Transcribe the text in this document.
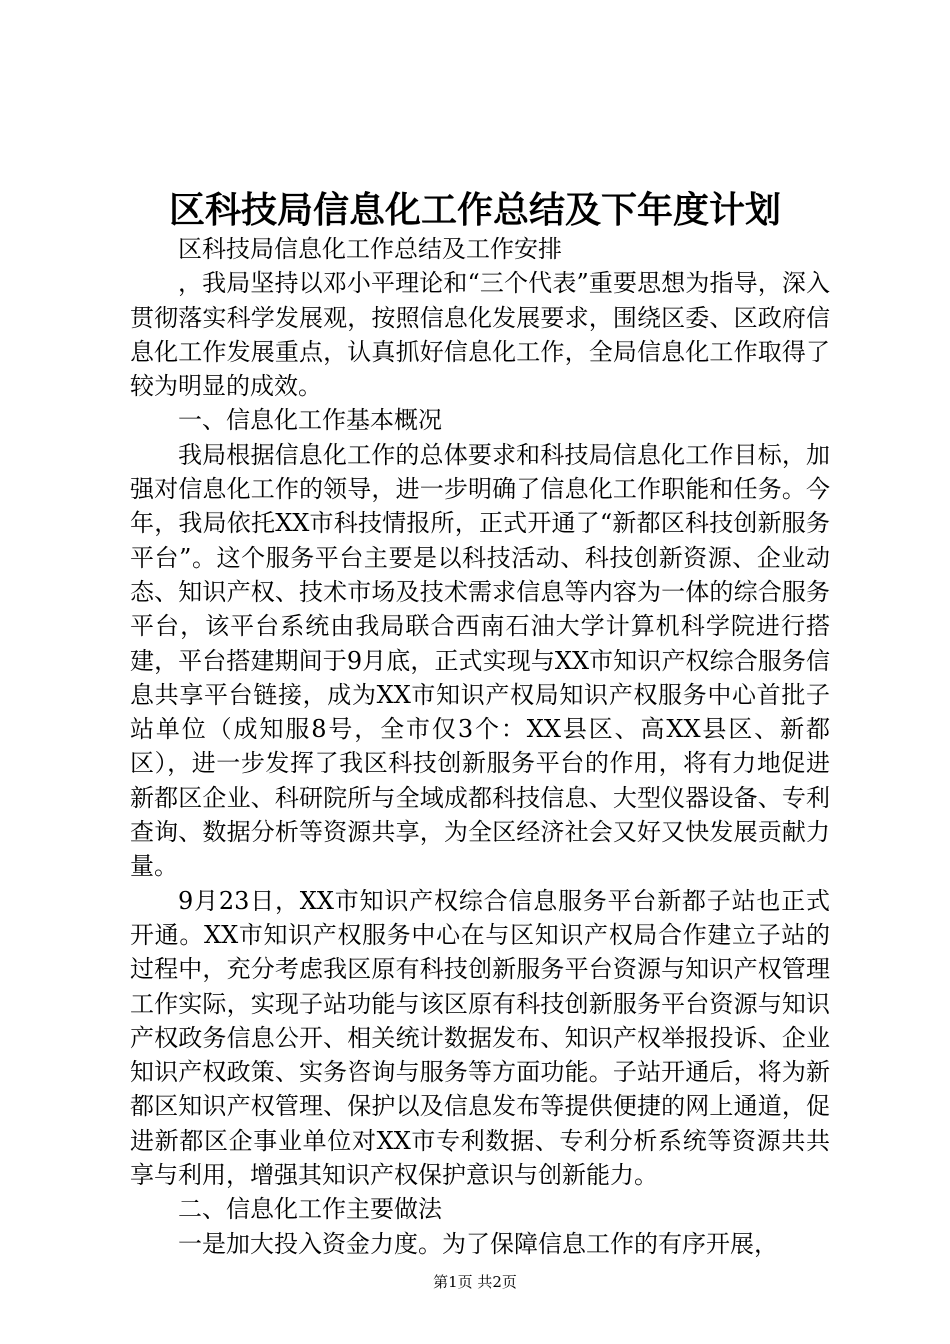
区科技局信息化工作总结及下年度计划

区科技局信息化工作总结及工作安排

，我局坚持以邓小平理论和“三个代表”重要思想为指导，深入贯彻落实科学发展观，按照信息化发展要求，围绕区委、区政府信息化工作发展重点，认真抓好信息化工作，全局信息化工作取得了较为明显的成效。

一、信息化工作基本概况

我局根据信息化工作的总体要求和科技局信息化工作目标，加强对信息化工作的领导，进一步明确了信息化工作职能和任务。今年，我局依托XX市科技情报所，正式开通了“新都区科技创新服务平台”。这个服务平台主要是以科技活动、科技创新资源、企业动态、知识产权、技术市场及技术需求信息等内容为一体的综合服务平台，该平台系统由我局联合西南石油大学计算机科学院进行搭建，平台搭建期间于9月底，正式实现与XX市知识产权综合服务信息共享平台链接，成为XX市知识产权局知识产权服务中心首批子站单位（成知服8号，全市仅3个：XX县区、高XX县区、新都区），进一步发挥了我区科技创新服务平台的作用，将有力地促进新都区企业、科研院所与全域成都科技信息、大型仪器设备、专利查询、数据分析等资源共享，为全区经济社会又好又快发展贡献力量。

9月23日，XX市知识产权综合信息服务平台新都子站也正式开通。XX市知识产权服务中心在与区知识产权局合作建立子站的过程中，充分考虑我区原有科技创新服务平台资源与知识产权管理工作实际，实现子站功能与该区原有科技创新服务平台资源与知识产权政务信息公开、相关统计数据发布、知识产权举报投诉、企业知识产权政策、实务咨询与服务等方面功能。子站开通后，将为新都区知识产权管理、保护以及信息发布等提供便捷的网上通道，促进新都区企事业单位对XX市专利数据、专利分析系统等资源共共享与利用，增强其知识产权保护意识与创新能力。

二、信息化工作主要做法

一是加大投入资金力度。为了保障信息工作的有序开展，

第1页 共2页
